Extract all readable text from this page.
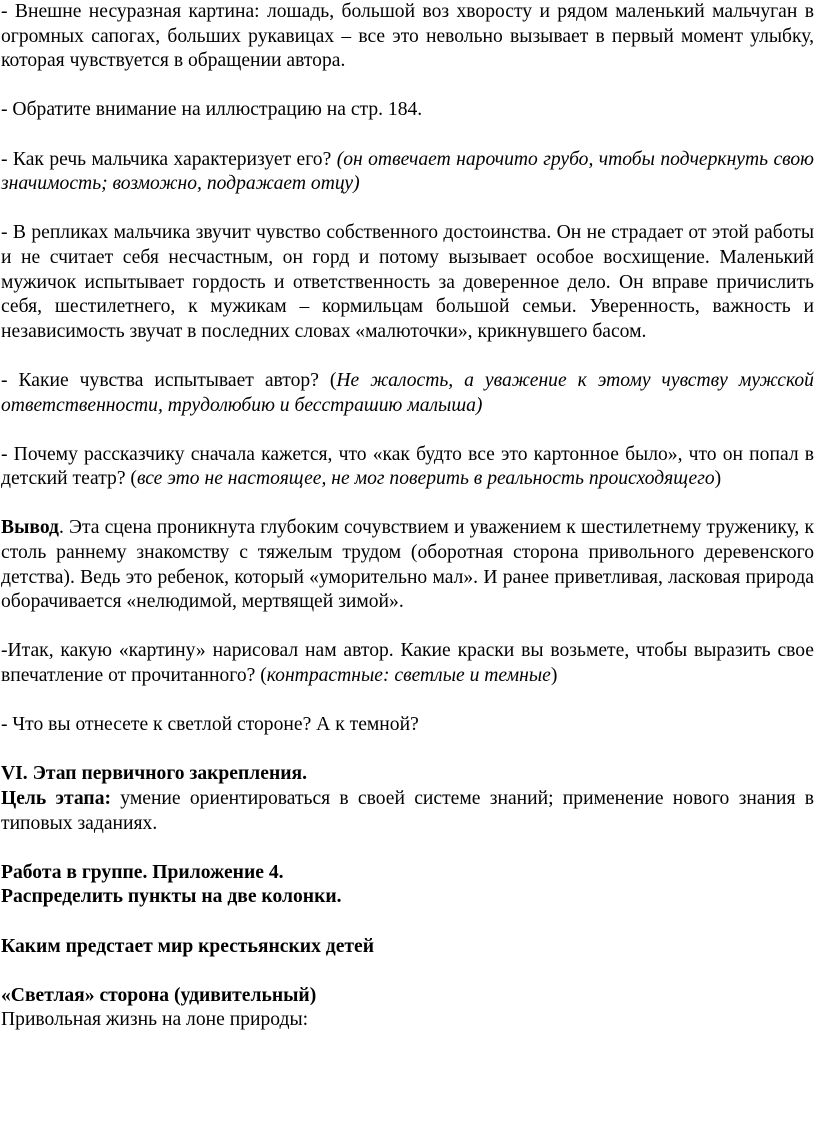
- Внешне несуразная картина: лошадь, большой воз хворосту и рядом маленький мальчуган в огромных сапогах, больших рукавицах – все это невольно вызывает в первый момент улыбку, которая чувствуется в обращении автора.

- Обратите внимание на иллюстрацию на стр. 184.

- Как речь мальчика характеризует его? (он отвечает нарочито грубо, чтобы подчеркнуть свою значимость; возможно, подражает отцу)

- В репликах мальчика звучит чувство собственного достоинства. Он не страдает от этой работы и не считает себя несчастным, он горд и потому вызывает особое восхищение. Маленький мужичок испытывает гордость и ответственность за доверенное дело. Он вправе причислить себя, шестилетнего, к мужикам – кормильцам большой семьи. Уверенность, важность и независимость звучат в последних словах «малюточки», крикнувшего басом.

- Какие чувства испытывает автор? (Не жалость, а уважение к этому чувству мужской ответственности, трудолюбию и бесстрашию малыша)

- Почему рассказчику сначала кажется, что «как будто все это картонное было», что он попал в детский театр? (все это не настоящее, не мог поверить в реальность происходящего)

Вывод. Эта сцена проникнута глубоким сочувствием и уважением к шестилетнему труженику, к столь раннему знакомству с тяжелым трудом (оборотная сторона привольного деревенского детства). Ведь это ребенок, который «уморительно мал». И ранее приветливая, ласковая природа оборачивается «нелюдимой, мертвящей зимой».

-Итак, какую «картину» нарисовал нам автор. Какие краски вы возьмете, чтобы выразить свое впечатление от прочитанного? (контрастные: светлые и темные)

- Что вы отнесете к светлой стороне? А к темной?

VI. Этап первичного закрепления.

Цель этапа: умение ориентироваться в своей системе знаний; применение нового знания в типовых заданиях.

Работа в группе. Приложение 4.

Распределить пункты на две колонки.

Каким предстает мир крестьянских детей

«Светлая» сторона (удивительный)

Привольная жизнь на лоне природы:
